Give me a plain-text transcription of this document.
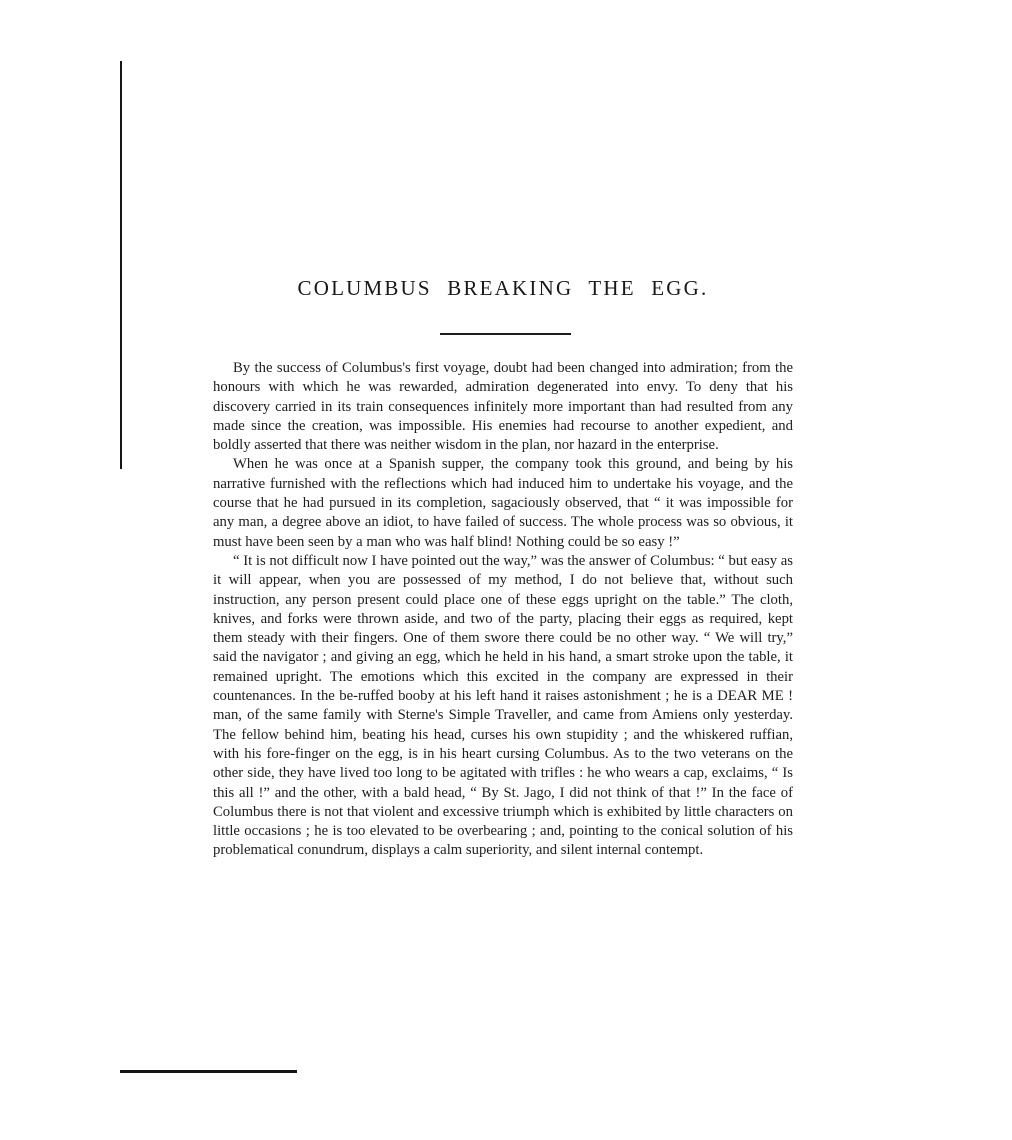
COLUMBUS BREAKING THE EGG.

By the success of Columbus's first voyage, doubt had been changed into admiration; from the honours with which he was rewarded, admiration degenerated into envy. To deny that his discovery carried in its train consequences infinitely more important than had resulted from any made since the creation, was impossible. His enemies had recourse to another expedient, and boldly asserted that there was neither wisdom in the plan, nor hazard in the enterprise.

When he was once at a Spanish supper, the company took this ground, and being by his narrative furnished with the reflections which had induced him to undertake his voyage, and the course that he had pursued in its completion, sagaciously observed, that “ it was impossible for any man, a degree above an idiot, to have failed of success. The whole process was so obvious, it must have been seen by a man who was half blind! Nothing could be so easy !”

“ It is not difficult now I have pointed out the way,” was the answer of Columbus: “ but easy as it will appear, when you are possessed of my method, I do not believe that, without such instruction, any person present could place one of these eggs upright on the table.” The cloth, knives, and forks were thrown aside, and two of the party, placing their eggs as required, kept them steady with their fingers. One of them swore there could be no other way. “ We will try,” said the navigator ; and giving an egg, which he held in his hand, a smart stroke upon the table, it remained upright. The emotions which this excited in the company are expressed in their countenances. In the be-ruffed booby at his left hand it raises astonishment ; he is a DEAR ME ! man, of the same family with Sterne's Simple Traveller, and came from Amiens only yesterday. The fellow behind him, beating his head, curses his own stupidity ; and the whiskered ruffian, with his fore-finger on the egg, is in his heart cursing Columbus. As to the two veterans on the other side, they have lived too long to be agitated with trifles : he who wears a cap, exclaims, “ Is this all !” and the other, with a bald head, “ By St. Jago, I did not think of that !” In the face of Columbus there is not that violent and excessive triumph which is exhibited by little characters on little occasions ; he is too elevated to be overbearing ; and, pointing to the conical solution of his problematical conundrum, displays a calm superiority, and silent internal contempt.
